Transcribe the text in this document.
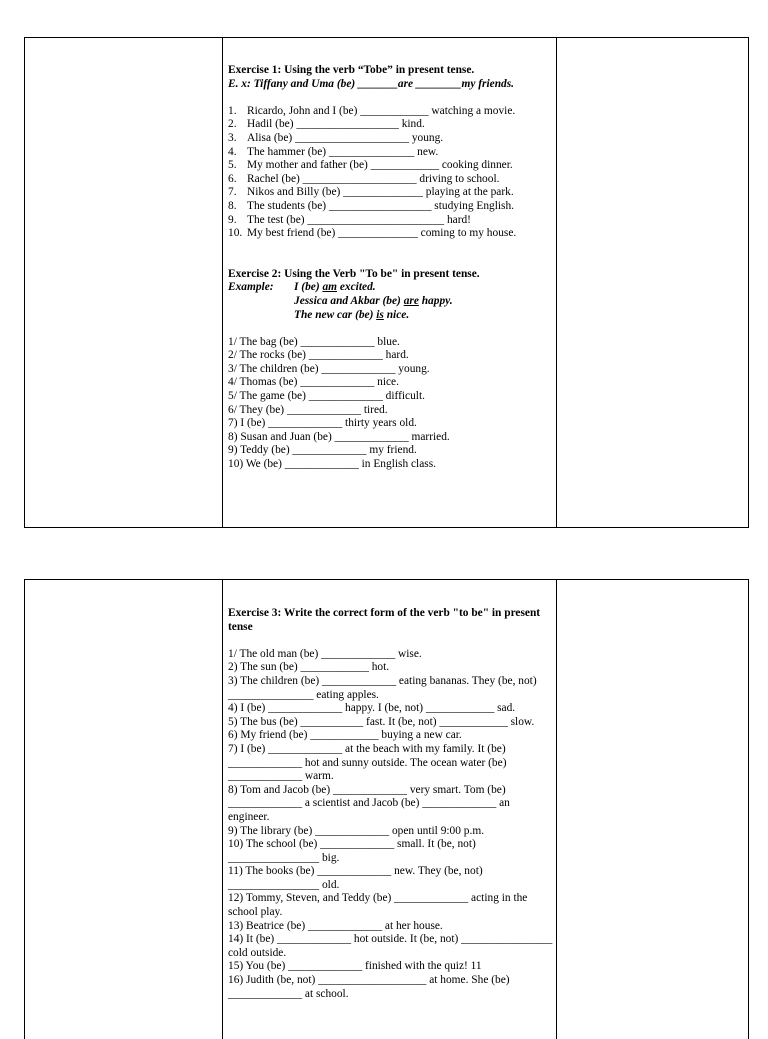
Exercise 1: Using the verb “Tobe” in present tense.
E. x: Tiffany and Uma (be) _______are ________my friends.
1. Ricardo, John and I (be) ____________ watching a movie.
2. Hadil (be) __________________ kind.
3. Alisa (be) ____________________ young.
4. The hammer (be) _______________ new.
5. My mother and father (be) ____________ cooking dinner.
6. Rachel (be) ____________________ driving to school.
7. Nikos and Billy (be) ______________ playing at the park.
8. The students (be) __________________ studying English.
9. The test (be) ________________________ hard!
10. My best friend (be) ______________ coming to my house.
Exercise 2: Using the Verb "To be" in present tense.
Example:	I (be) am excited.
Jessica and Akbar (be) are happy.
The new car (be) is nice.
1/ The bag (be) _____________ blue.
2/ The rocks (be) _____________ hard.
3/ The children (be) _____________ young.
4/ Thomas (be) _____________ nice.
5/ The game (be) _____________ difficult.
6/ They (be) _____________ tired.
7) I (be) _____________ thirty years old.
8) Susan and Juan (be) _____________ married.
9) Teddy (be) _____________ my friend.
10) We (be) _____________ in English class.
Exercise 3: Write the correct form of the verb "to be" in present tense
1/ The old man (be) _____________ wise.
2) The sun (be) ____________ hot.
3) The children (be) _____________ eating bananas. They (be, not) _______________ eating apples.
4) I (be) _____________ happy. I (be, not) ____________ sad.
5) The bus (be) ___________ fast. It (be, not) ____________ slow.
6) My friend (be) ____________ buying a new car.
7) I (be) _____________ at the beach with my family. It (be) _____________ hot and sunny outside. The ocean water (be) _____________ warm.
8) Tom and Jacob (be) _____________ very smart. Tom (be) _____________ a scientist and Jacob (be) _____________ an engineer.
9) The library (be) _____________ open until 9:00 p.m.
10) The school (be) _____________ small. It (be, not) ________________ big.
11) The books (be) _____________ new. They (be, not) ________________ old.
12) Tommy, Steven, and Teddy (be) _____________ acting in the school play.
13) Beatrice (be) _____________ at her house.
14) It (be) _____________ hot outside. It (be, not) ________________ cold outside.
15) You (be) _____________ finished with the quiz! 11
16) Judith (be, not) ___________________ at home. She (be) _____________ at school.
